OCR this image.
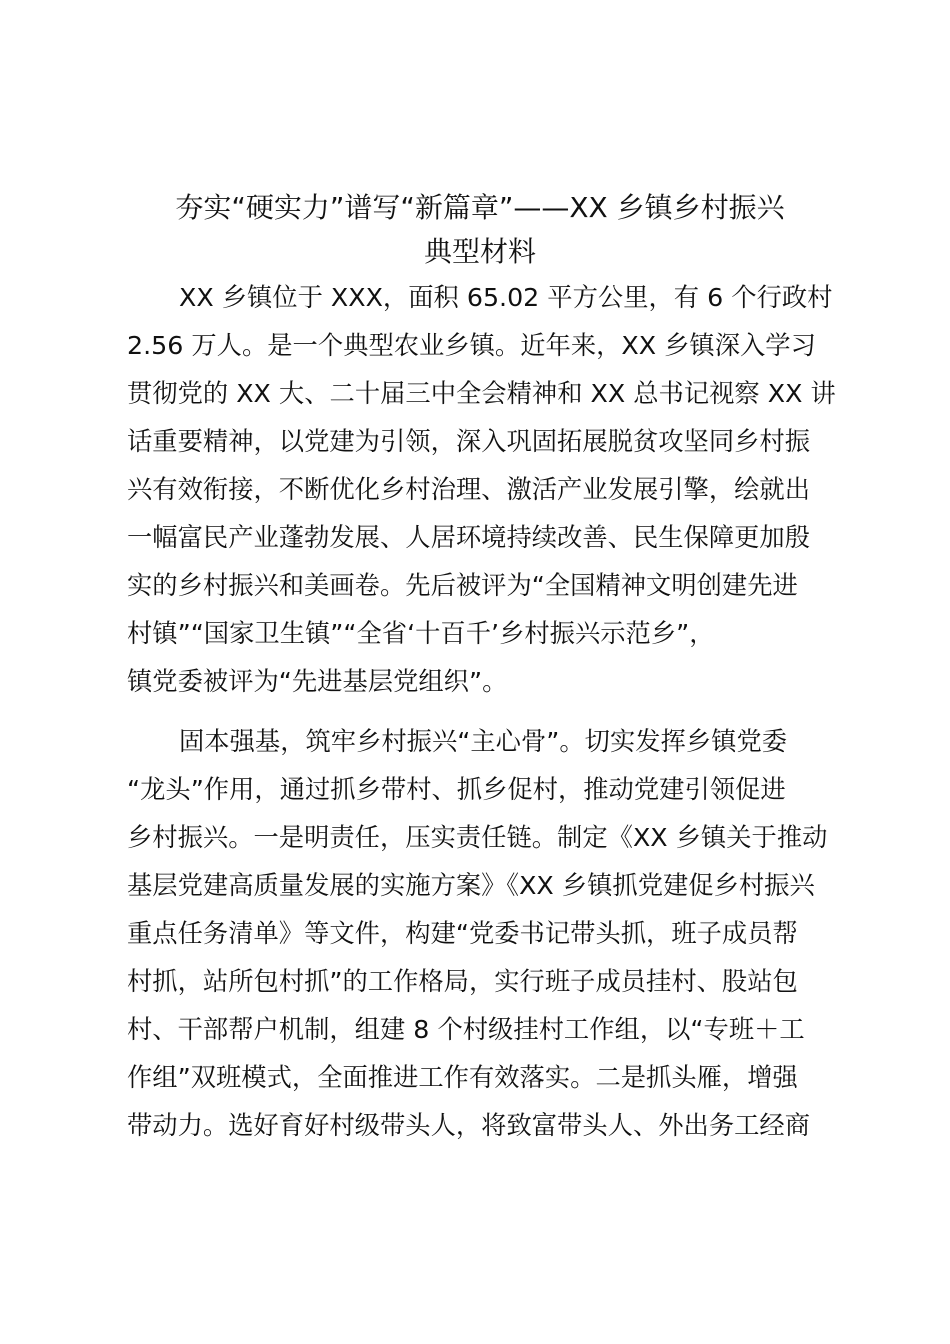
夯实“硬实力”谱写“新篇章”——XX 乡镇乡村振兴
典型材料
XX 乡镇位于 XXX，面积 65.02 平方公里，有 6 个行政村
2.56 万人。是一个典型农业乡镇。近年来，XX 乡镇深入学习
贯彻党的 XX 大、二十届三中全会精神和 XX 总书记视察 XX 讲
话重要精神，以党建为引领，深入巩固拓展脱贫攻坚同乡村振
兴有效衔接，不断优化乡村治理、激活产业发展引擎，绘就出
一幅富民产业蓬勃发展、人居环境持续改善、民生保障更加殷
实的乡村振兴和美画卷。先后被评为“全国精神文明创建先进
村镇”“国家卫生镇”“全省‘十百千’乡村振兴示范乡”，
镇党委被评为“先进基层党组织”。
固本强基，筑牢乡村振兴“主心骨”。切实发挥乡镇党委
“龙头”作用，通过抓乡带村、抓乡促村，推动党建引领促进
乡村振兴。一是明责任，压实责任链。制定《XX 乡镇关于推动
基层党建高质量发展的实施方案》《XX 乡镇抓党建促乡村振兴
重点任务清单》等文件，构建“党委书记带头抓，班子成员帮
村抓，站所包村抓”的工作格局，实行班子成员挂村、股站包
村、干部帮户机制，组建 8 个村级挂村工作组，以“专班＋工
作组”双班模式，全面推进工作有效落实。二是抓头雁，增强
带动力。选好育好村级带头人，将致富带头人、外出务工经商
